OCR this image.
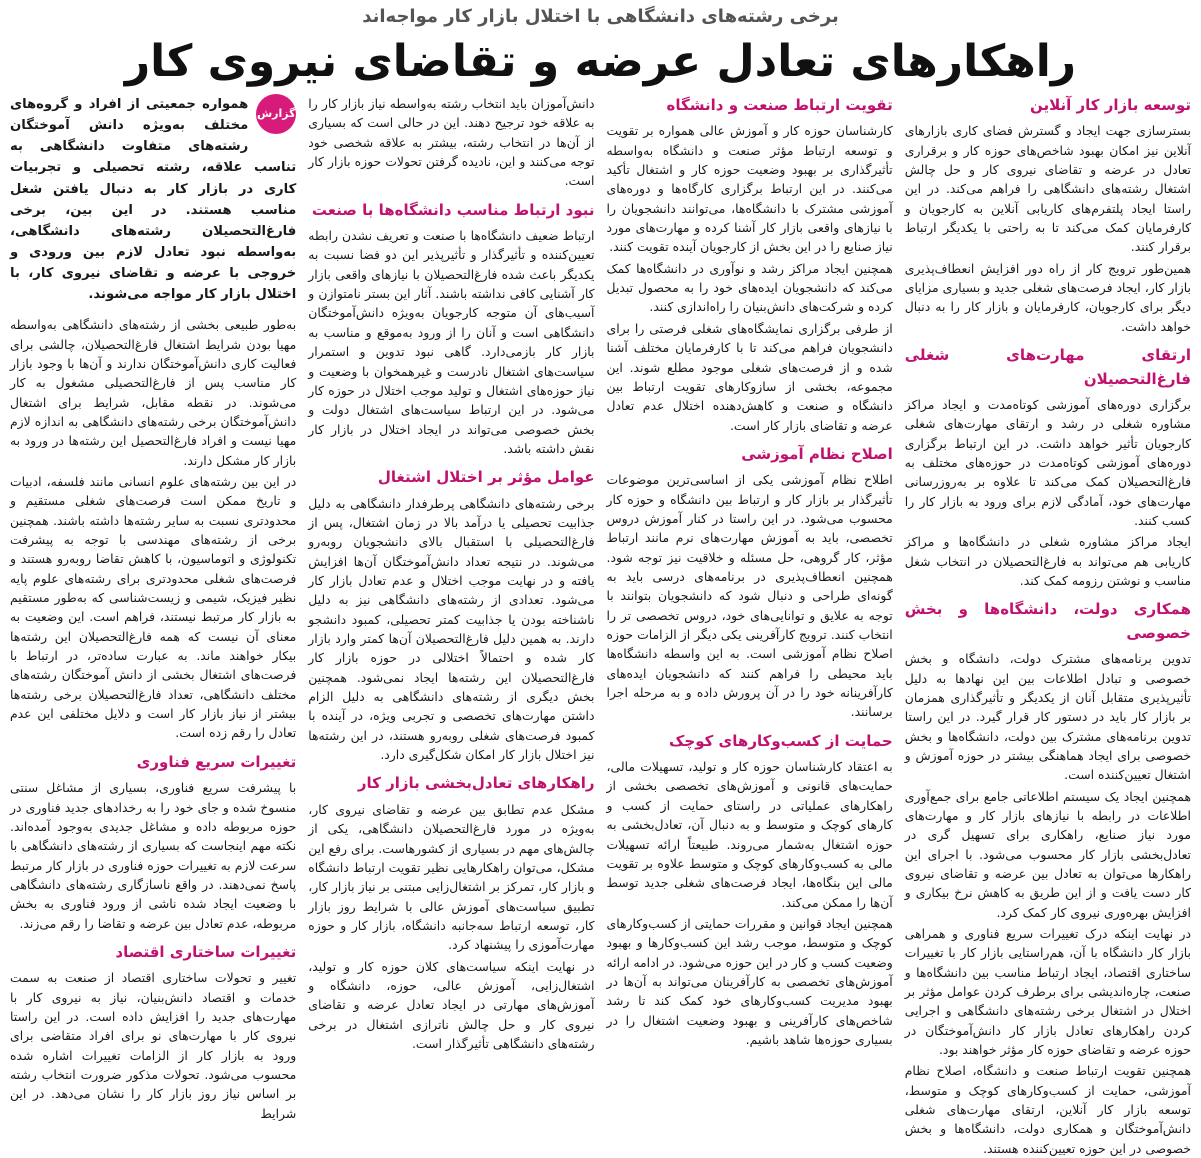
برخی رشته‌های دانشگاهی با اختلال بازار کار مواجه‌اند
راهکارهای تعادل عرضه و تقاضای نیروی کار
گزارش

همواره جمعیتی از افراد و گروه‌های مختلف به‌ویژه دانش آموختگان رشته‌های متفاوت دانشگاهی به تناسب علاقه، رشته تحصیلی و تجربیات کاری در بازار کار به دنبال یافتن شغل مناسب هستند. در این بین، برخی فارغ‌التحصیلان رشته‌های دانشگاهی، به‌واسطه نبود تعادل لازم بین ورودی و خروجی با عرضه و تقاضای نیروی کار، با اختلال بازار کار مواجه می‌شوند.

به‌طور طبیعی بخشی از رشته‌های دانشگاهی به‌واسطه مهیا بودن شرایط اشتغال فارغ‌التحصیلان، چالشی برای فعالیت کاری دانش‌آموختگان ندارند و آن‌ها با وجود بازار کار مناسب پس از فارغ‌التحصیلی مشغول به کار می‌شوند. در نقطه مقابل، شرایط برای اشتغال دانش‌آموختگان برخی رشته‌های دانشگاهی به اندازه لازم مهیا نیست و افراد فارغ‌التحصیل این رشته‌ها در ورود به بازار کار مشکل دارند.

در این بین رشته‌های علوم انسانی مانند فلسفه، ادبیات و تاریخ ممکن است فرصت‌های شغلی مستقیم و محدودتری نسبت به سایر رشته‌ها داشته باشند. همچنین برخی از رشته‌های مهندسی با توجه به پیشرفت تکنولوژی و اتوماسیون، با کاهش تقاضا روبه‌رو هستند و فرصت‌های شغلی محدودتری برای رشته‌های علوم پایه نظیر فیزیک، شیمی و زیست‌شناسی که به‌طور مستقیم به بازار کار مرتبط نیستند، فراهم است. این وضعیت به معنای آن نیست که همه فارغ‌التحصیلان این رشته‌ها بیکار خواهند ماند. به عبارت ساده‌تر، در ارتباط با فرصت‌های اشتغال بخشی از دانش آموختگان رشته‌های مختلف دانشگاهی، تعداد فارغ‌التحصیلان برخی رشته‌ها بیشتر از نیاز بازار کار است و دلایل مختلفی این عدم تعادل را رقم زده است.

تغییرات سریع فناوری

با پیشرفت سریع فناوری، بسیاری از مشاغل سنتی منسوخ شده و جای خود را به رخدادهای جدید فناوری در حوزه مربوطه داده و مشاغل جدیدی به‌وجود آمده‌اند. نکته مهم اینجاست که بسیاری از رشته‌های دانشگاهی با سرعت لازم به تغییرات حوزه فناوری در بازار کار مرتبط پاسخ نمی‌دهند. در واقع ناسازگاری رشته‌های دانشگاهی با وضعیت ایجاد شده ناشی از ورود فناوری به بخش مربوطه، عدم تعادل بین عرضه و تقاضا را رقم می‌زند.

تغییرات ساختاری اقتصاد

تغییر و تحولات ساختاری اقتصاد از صنعت به سمت خدمات و اقتصاد دانش‌بنیان، نیاز به نیروی کار با مهارت‌های جدید را افزایش داده است. در این راستا نیروی کار با مهارت‌های نو برای افراد متقاضی برای ورود به بازار کار از الزامات تغییرات اشاره شده محسوب می‌شود. تحولات مذکور ضرورت انتخاب رشته بر اساس نیاز روز بازار کار را نشان می‌دهد. در این شرایط

دانش‌آموزان باید انتخاب رشته به‌واسطه نیاز بازار کار را به علاقه خود ترجیح دهند. این در حالی است که بسیاری از آن‌ها در انتخاب رشته، بیشتر به علاقه شخصی خود توجه می‌کنند و این، نادیده گرفتن تحولات حوزه بازار کار است.

نبود ارتباط مناسب دانشگاه‌ها با صنعت

ارتباط ضعیف دانشگاه‌ها با صنعت و تعریف نشدن رابطه تعیین‌کننده و تأثیرگذار و تأثیرپذیر این دو فضا نسبت به یکدیگر باعث شده فارغ‌التحصیلان با نیازهای واقعی بازار کار آشنایی کافی نداشته باشند. آثار این بستر نامتوازن و آسیب‌های آن متوجه کارجویان به‌ویژه دانش‌آموختگان دانشگاهی است و آنان را از ورود به‌موقع و مناسب به بازار کار بازمی‌دارد. گاهی نبود تدوین و استمرار سیاست‌های اشتغال نادرست و غیرهمخوان با وضعیت و نیاز حوزه‌های اشتغال و تولید موجب اختلال در حوزه کار می‌شود. در این ارتباط سیاست‌های اشتغال دولت و بخش خصوصی می‌تواند در ایجاد اختلال در بازار کار نقش داشته باشد.

عوامل مؤثر بر اختلال اشتغال

برخی رشته‌های دانشگاهی پرطرفدار دانشگاهی به دلیل جذابیت تحصیلی یا درآمد بالا در زمان اشتغال، پس از فارغ‌التحصیلی با استقبال بالای دانشجویان روبه‌رو می‌شوند. در نتیجه تعداد دانش‌آموختگان آن‌ها افزایش یافته و در نهایت موجب اختلال و عدم تعادل بازار کار می‌شود. تعدادی از رشته‌های دانشگاهی نیز به دلیل ناشناخته بودن یا جذابیت کمتر تحصیلی، کمبود دانشجو دارند. به همین دلیل فارغ‌التحصیلان آن‌ها کمتر وارد بازار کار شده و احتمالاً اختلالی در حوزه بازار کار فارغ‌التحصیلان این رشته‌ها ایجاد نمی‌شود. همچنین بخش دیگری از رشته‌های دانشگاهی به دلیل الزام داشتن مهارت‌های تخصصی و تجربی ویژه، در آینده با کمبود فرصت‌های شغلی روبه‌رو هستند، در این رشته‌ها نیز اختلال بازار کار امکان شکل‌گیری دارد.

راهکارهای تعادل‌بخشی بازار کار

مشکل عدم تطابق بین عرضه و تقاضای نیروی کار، به‌ویژه در مورد فارغ‌التحصیلان دانشگاهی، یکی از چالش‌های مهم در بسیاری از کشورهاست. برای رفع این مشکل، می‌توان راهکارهایی نظیر تقویت ارتباط دانشگاه و بازار کار، تمرکز بر اشتغال‌زایی مبتنی بر نیاز بازار کار، تطبیق سیاست‌های آموزش عالی با شرایط روز بازار کار، توسعه ارتباط سه‌جانبه دانشگاه، بازار کار و حوزه مهارت‌آموزی را پیشنهاد کرد.

در نهایت اینکه سیاست‌های کلان حوزه کار و تولید، اشتغال‌زایی، آموزش عالی، حوزه، دانشگاه و آموزش‌های مهارتی در ایجاد تعادل عرضه و تقاضای نیروی کار و حل چالش ناترازی اشتغال در برخی رشته‌های دانشگاهی تأثیرگذار است.

تقویت ارتباط صنعت و دانشگاه

کارشناسان حوزه کار و آموزش عالی همواره بر تقویت و توسعه ارتباط مؤثر صنعت و دانشگاه به‌واسطه تأثیرگذاری بر بهبود وضعیت حوزه کار و اشتغال تأکید می‌کنند. در این ارتباط برگزاری کارگاه‌ها و دوره‌های آموزشی مشترک با دانشگاه‌ها، می‌توانند دانشجویان را با نیازهای واقعی بازار کار آشنا کرده و مهارت‌های مورد نیاز صنایع را در این بخش از کارجویان آینده تقویت کنند.

همچنین ایجاد مراکز رشد و نوآوری در دانشگاه‌ها کمک می‌کند که دانشجویان ایده‌های خود را به محصول تبدیل کرده و شرکت‌های دانش‌بنیان را راه‌اندازی کنند.

از طرفی برگزاری نمایشگاه‌های شغلی فرصتی را برای دانشجویان فراهم می‌کند تا با کارفرمایان مختلف آشنا شده و از فرصت‌های شغلی موجود مطلع شوند. این مجموعه، بخشی از سازوکارهای تقویت ارتباط بین دانشگاه و صنعت و کاهش‌دهنده اختلال عدم تعادل عرضه و تقاضای بازار کار است.

اصلاح نظام آموزشی

اطلاح نظام آموزشی یکی از اساسی‌ترین موضوعات تأثیرگذار بر بازار کار و ارتباط بین دانشگاه و حوزه کار محسوب می‌شود. در این راستا در کنار آموزش دروس تخصصی، باید به آموزش مهارت‌های نرم مانند ارتباط مؤثر، کار گروهی، حل مسئله و خلاقیت نیز توجه شود. همچنین انعطاف‌پذیری در برنامه‌های درسی باید به گونه‌ای طراحی و دنبال شود که دانشجویان بتوانند با توجه به علایق و توانایی‌های خود، دروس تخصصی تر را انتخاب کنند. ترویج کارآفرینی یکی دیگر از الزامات حوزه اصلاح نظام آموزشی است. به این واسطه دانشگاه‌ها باید محیطی را فراهم کنند که دانشجویان ایده‌های کارآفرینانه خود را در آن پرورش داده و به مرحله اجرا برسانند.

حمایت از کسب‌وکارهای کوچک

به اعتقاد کارشناسان حوزه کار و تولید، تسهیلات مالی، حمایت‌های قانونی و آموزش‌های تخصصی بخشی از راهکارهای عملیاتی در راستای حمایت از کسب و کارهای کوچک و متوسط و به دنبال آن، تعادل‌بخشی به حوزه اشتغال به‌شمار می‌روند. طبیعتاً ارائه تسهیلات مالی به کسب‌وکارهای کوچک و متوسط علاوه بر تقویت مالی این بنگاه‌ها، ایجاد فرصت‌های شغلی جدید توسط آن‌ها را ممکن می‌کند.

همچنین ایجاد قوانین و مقررات حمایتی از کسب‌وکارهای کوچک و متوسط، موجب رشد این کسب‌وکارها و بهبود وضعیت کسب و کار در این حوزه می‌شود. در ادامه ارائه آموزش‌های تخصصی به کارآفرینان می‌تواند به آن‌ها در بهبود مدیریت کسب‌وکارهای خود کمک کند تا رشد شاخص‌های کارآفرینی و بهبود وضعیت اشتغال را در بسیاری حوزه‌ها شاهد باشیم.

توسعه بازار کار آنلاین

بسترسازی جهت ایجاد و گسترش فضای کاری بازارهای آنلاین نیز امکان بهبود شاخص‌های حوزه کار و برقراری تعادل در عرضه و تقاضای نیروی کار و حل چالش اشتغال رشته‌های دانشگاهی را فراهم می‌کند. در این راستا ایجاد پلتفرم‌های کاریابی آنلاین به کارجویان و کارفرمایان کمک می‌کند تا به راحتی با یکدیگر ارتباط برقرار کنند.

همین‌طور ترویج کار از راه دور افزایش انعطاف‌پذیری بازار کار، ایجاد فرصت‌های شغلی جدید و بسیاری مزایای دیگر برای کارجویان، کارفرمایان و بازار کار را به دنبال خواهد داشت.

ارتقای مهارت‌های شغلی فارغ‌التحصیلان

برگزاری دوره‌های آموزشی کوتاه‌مدت و ایجاد مراکز مشاوره شغلی در رشد و ارتقای مهارت‌های شغلی کارجویان تأثیر خواهد داشت. در این ارتباط برگزاری دوره‌های آموزشی کوتاه‌مدت در حوزه‌های مختلف به فارغ‌التحصیلان کمک می‌کند تا علاوه بر به‌روزرسانی مهارت‌های خود، آمادگی لازم برای ورود به بازار کار را کسب کنند.

ایجاد مراکز مشاوره شغلی در دانشگاه‌ها و مراکز کاریابی هم می‌تواند به فارغ‌التحصیلان در انتخاب شغل مناسب و نوشتن رزومه کمک کند.

همکاری دولت، دانشگاه‌ها و بخش خصوصی

تدوین برنامه‌های مشترک دولت، دانشگاه و بخش خصوصی و تبادل اطلاعات بین این نهادها به دلیل تأثیرپذیری متقابل آنان از یکدیگر و تأثیرگذاری همزمان بر بازار کار باید در دستور کار قرار گیرد. در این راستا تدوین برنامه‌های مشترک بین دولت، دانشگاه‌ها و بخش خصوصی برای ایجاد هماهنگی بیشتر در حوزه آموزش و اشتغال تعیین‌کننده است.

همچنین ایجاد یک سیستم اطلاعاتی جامع برای جمع‌آوری اطلاعات در رابطه با نیازهای بازار کار و مهارت‌های مورد نیاز صنایع، راهکاری برای تسهیل گری در تعادل‌بخشی بازار کار محسوب می‌شود. با اجرای این راهکارها می‌توان به تعادل بین عرضه و تقاضای نیروی کار دست یافت و از این طریق به کاهش نرخ بیکاری و افزایش بهره‌وری نیروی کار کمک کرد.

در نهایت اینکه درک تغییرات سریع فناوری و همراهی بازار کار دانشگاه با آن، هم‌راستایی بازار کار با تغییرات ساختاری اقتصاد، ایجاد ارتباط مناسب بین دانشگاه‌ها و صنعت، چاره‌اندیشی برای برطرف کردن عوامل مؤثر بر اختلال در اشتغال برخی رشته‌های دانشگاهی و اجرایی کردن راهکارهای تعادل بازار کار دانش‌آموختگان در حوزه عرضه و تقاضای حوزه کار مؤثر خواهند بود.

همچنین تقویت ارتباط صنعت و دانشگاه، اصلاح نظام آموزشی، حمایت از کسب‌وکارهای کوچک و متوسط، توسعه بازار کار آنلاین، ارتقای مهارت‌های شغلی دانش‌آموختگان و همکاری دولت، دانشگاه‌ها و بخش خصوصی در این حوزه تعیین‌کننده هستند.
